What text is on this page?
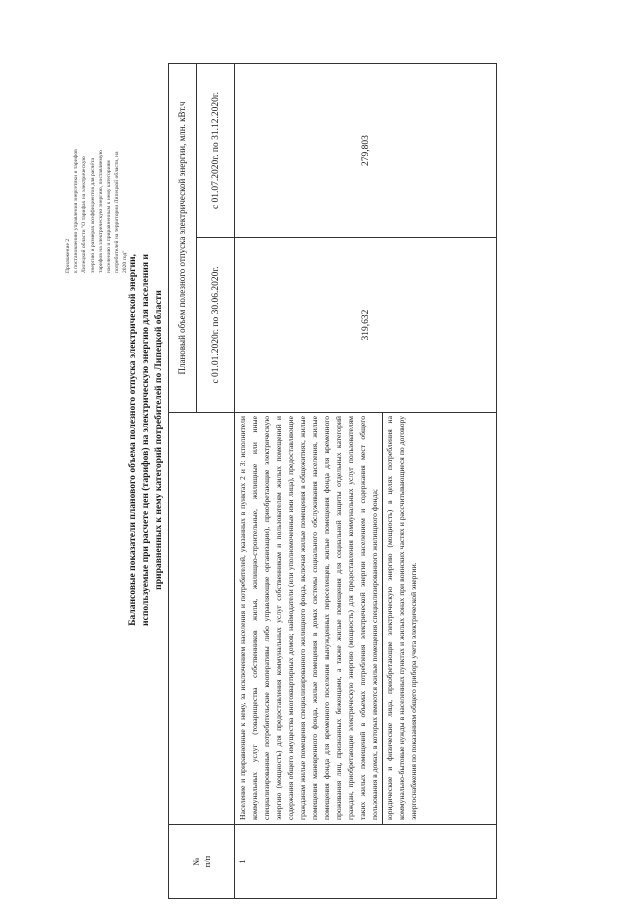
Приложение 2 к постановлению управления энергетики и тарифов Липецкой области "О тарифах на электрическую энергию и размерах коэффициентов для расчёта тарифов на электрическую энергию, поставляемую населению и приравненным к нему категориям потребителей на территории Липецкой области, на 2020 год"
Балансовые показатели планового объема полезного отпуска электрической энергии, используемые при расчете цен (тарифов) на электрическую энергию для населения и приравненных к нему категорий потребителей по Липецкой области
№ п/п		Плановый объем полезного отпуска электрической энергии, млн. кВт.ч	
		с 01.01.2020г. по 30.06.2020г.	с 01.07.2020г. по 31.12.2020г.
1	Население и приравненные к нему, за исключением населения и потребителей, указанных в пунктах 2 и 3: исполнители коммунальных услуг (товарищества собственников жилья, жилищно-строительные, жилищные или иные специализированные потребительские кооперативы либо управляющие организации), приобретающие электрическую энергию (мощность) для предоставления коммунальных услуг собственникам и пользователям жилых помещений и содержания общего имущества многоквартирных домов; наймодатели (или уполномоченные ими лица), предоставляющие гражданам жилые помещения специализированного жилищного фонда, включая жилые помещения в общежитиях, жилые помещения маневренного фонда, жилые помещения в домах системы социального обслуживания населения, жилые помещения фонда для временного поселения вынужденных переселенцев, жилые помещения фонда для временного проживания лиц, признанных беженцами, а также жилые помещения для социальной защиты отдельных категорий граждан, приобретающие электрическую энергию (мощность) для предоставления коммунальных услуг пользователям таких жилых помещений в объемах потребления электрической энергии населением и содержания мест общего пользования в домах, в которых имеются жилые помещения специализированного жилищного фонда; юридические и физические лица, приобретающие электрическую энергию (мощность) в целях потребления на коммунально-бытовые нужды в населенных пунктах и жилых зонах при воинских частях и рассчитывающиеся по договору энергоснабжения по показаниям общего прибора учета электрической энергии.	319,632	279,803
